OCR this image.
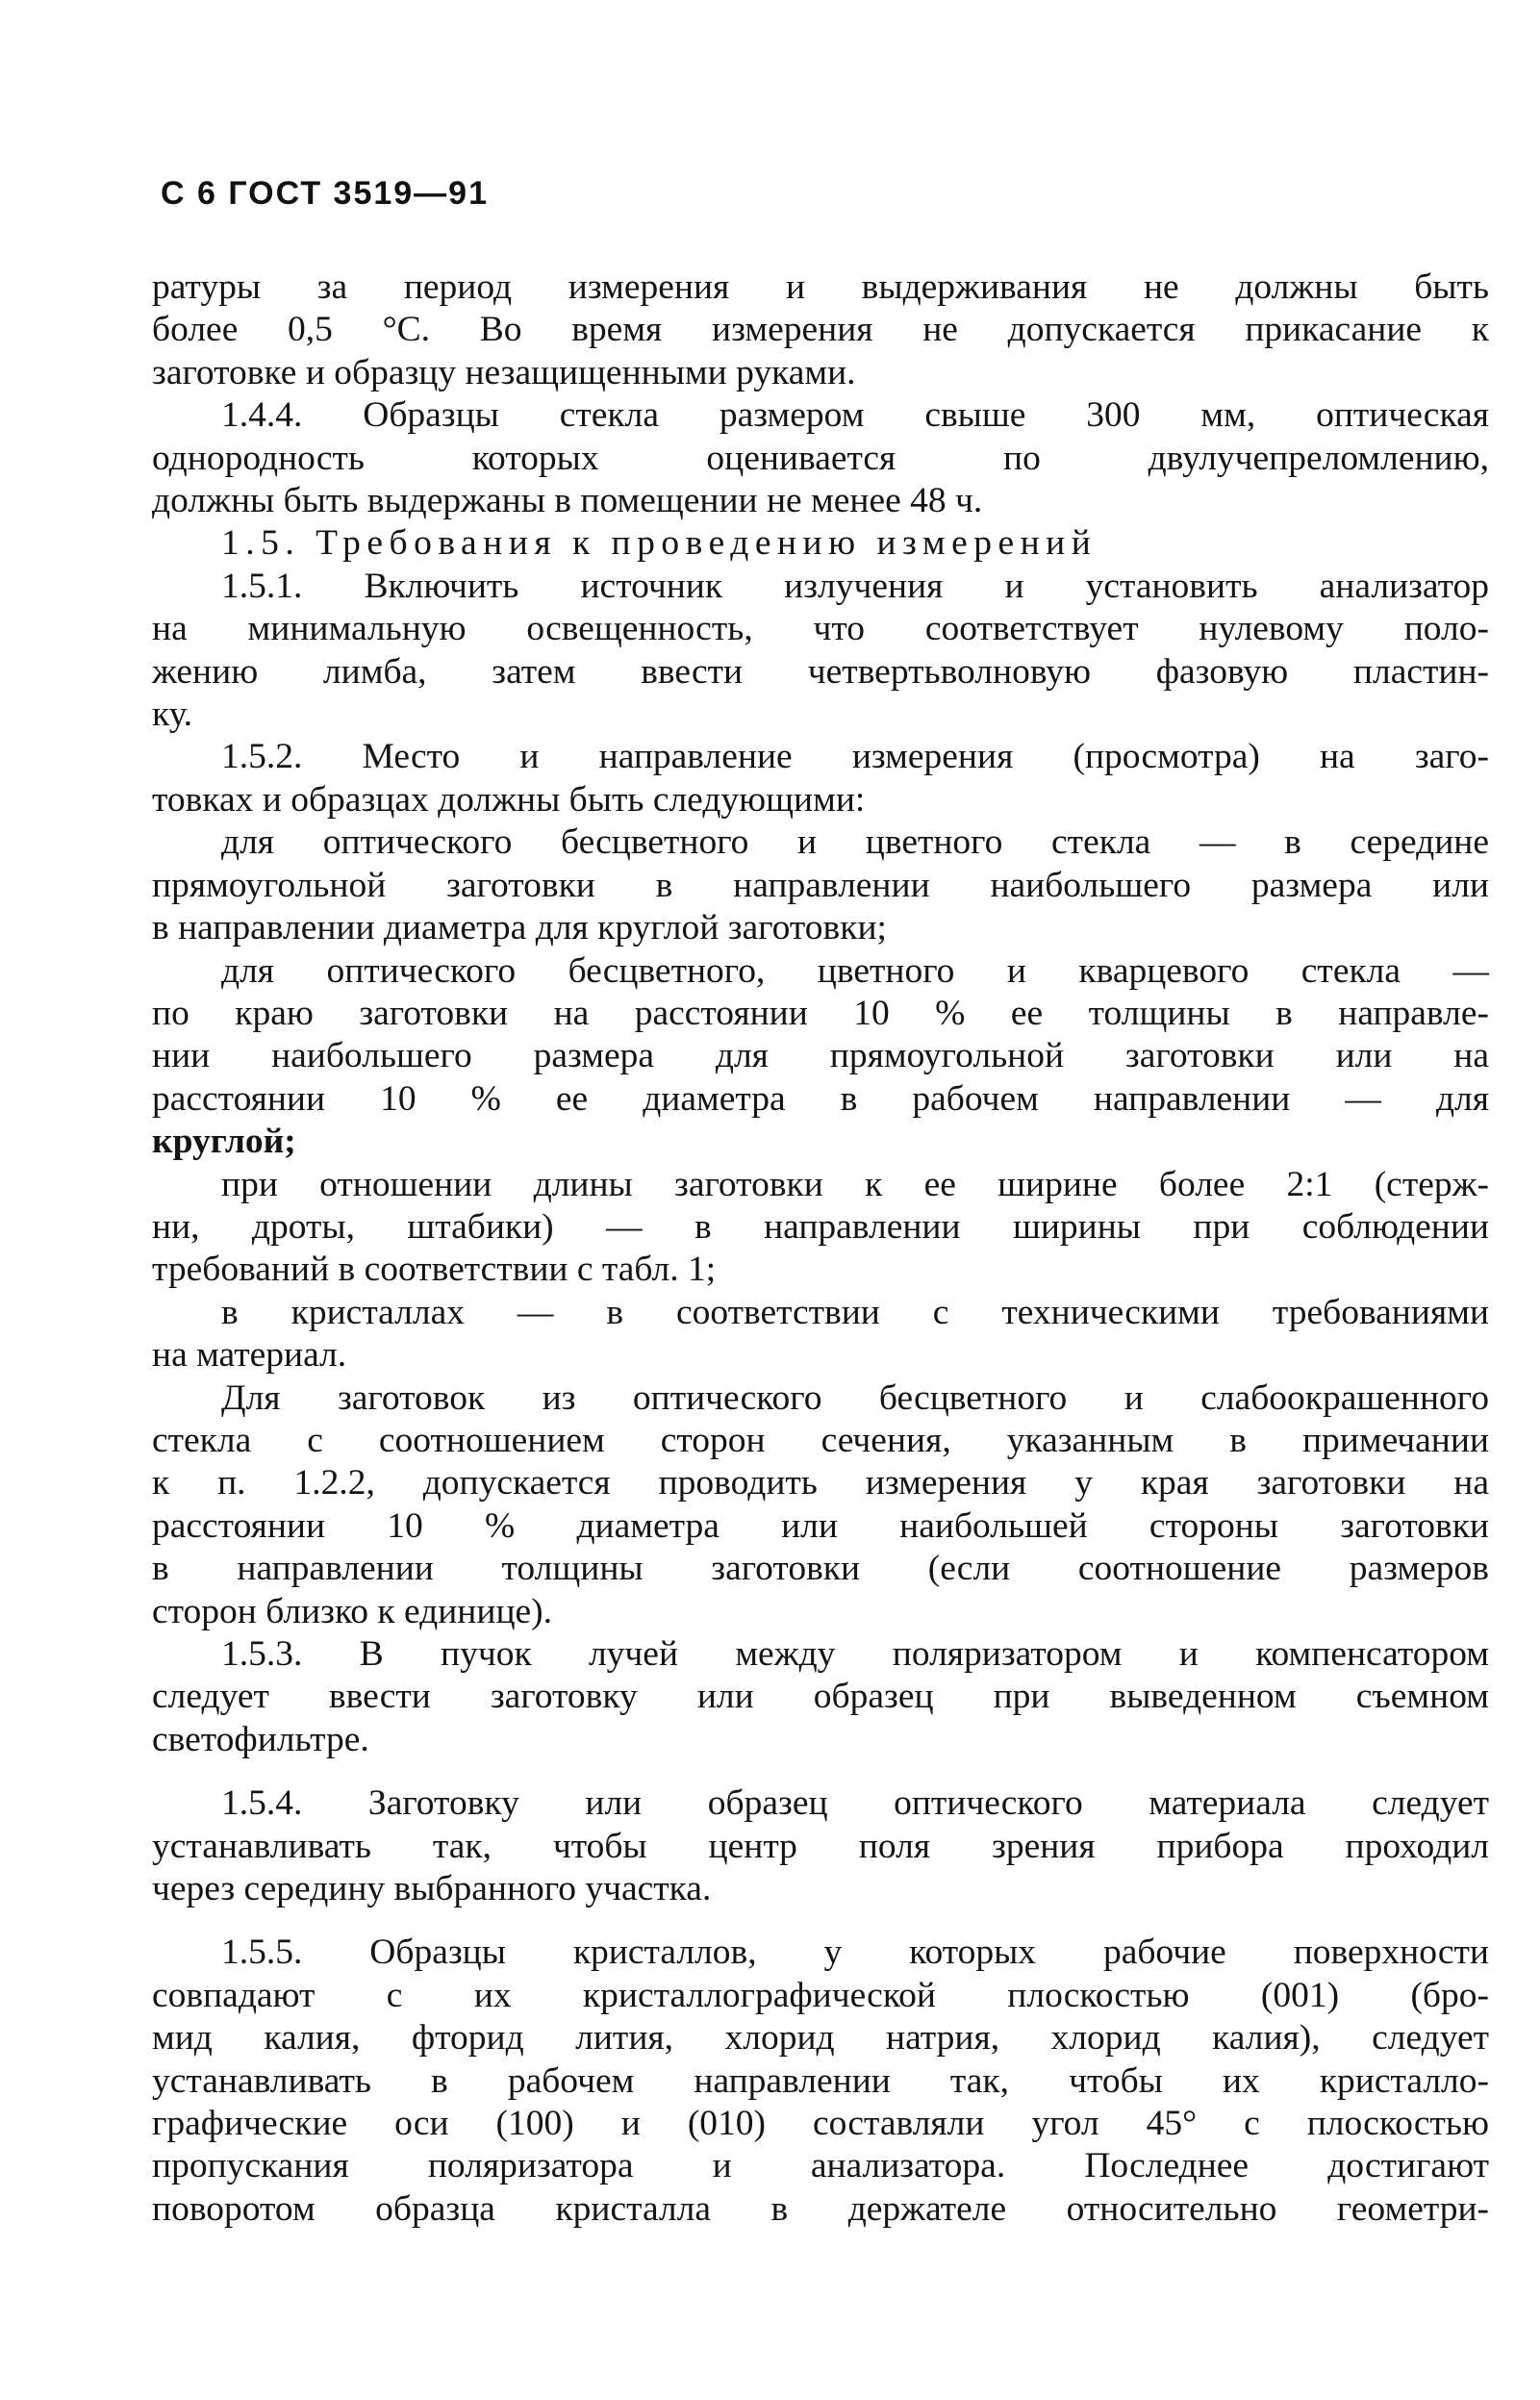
С 6 ГОСТ 3519—91
ратуры за период измерения и выдерживания не должны быть
более 0,5 °С. Во время измерения не допускается прикасание к
заготовке и образцу незащищенными руками.
1.4.4. Образцы стекла размером свыше 300 мм, оптическая
однородность которых оценивается по двулучепреломлению,
должны быть выдержаны в помещении не менее 48 ч.
1.5. Требования к проведению измерений
1.5.1. Включить источник излучения и установить анализатор
на минимальную освещенность, что соответствует нулевому поло-
жению лимба, затем ввести четвертьволновую фазовую пластин-
ку.
1.5.2. Место и направление измерения (просмотра) на заго-
товках и образцах должны быть следующими:
для оптического бесцветного и цветного стекла — в середине
прямоугольной заготовки в направлении наибольшего размера или
в направлении диаметра для круглой заготовки;
для оптического бесцветного, цветного и кварцевого стекла —
по краю заготовки на расстоянии 10 % ее толщины в направле-
нии наибольшего размера для прямоугольной заготовки или на
расстоянии 10 % ее диаметра в рабочем направлении — для
круглой;
при отношении длины заготовки к ее ширине более 2:1 (стерж-
ни, дроты, штабики) — в направлении ширины при соблюдении
требований в соответствии с табл. 1;
в кристаллах — в соответствии с техническими требованиями
на материал.
Для заготовок из оптического бесцветного и слабоокрашенного
стекла с соотношением сторон сечения, указанным в примечании
к п. 1.2.2, допускается проводить измерения у края заготовки на
расстоянии 10 % диаметра или наибольшей стороны заготовки
в направлении толщины заготовки (если соотношение размеров
сторон близко к единице).
1.5.3. В пучок лучей между поляризатором и компенсатором
следует ввести заготовку или образец при выведенном съемном
светофильтре.
1.5.4. Заготовку или образец оптического материала следует
устанавливать так, чтобы центр поля зрения прибора проходил
через середину выбранного участка.
1.5.5. Образцы кристаллов, у которых рабочие поверхности
совпадают с их кристаллографической плоскостью (001) (бро-
мид калия, фторид лития, хлорид натрия, хлорид калия), следует
устанавливать в рабочем направлении так, чтобы их кристалло-
графические оси (100) и (010) составляли угол 45° с плоскостью
пропускания поляризатора и анализатора. Последнее достигают
поворотом образца кристалла в держателе относительно геометри-
